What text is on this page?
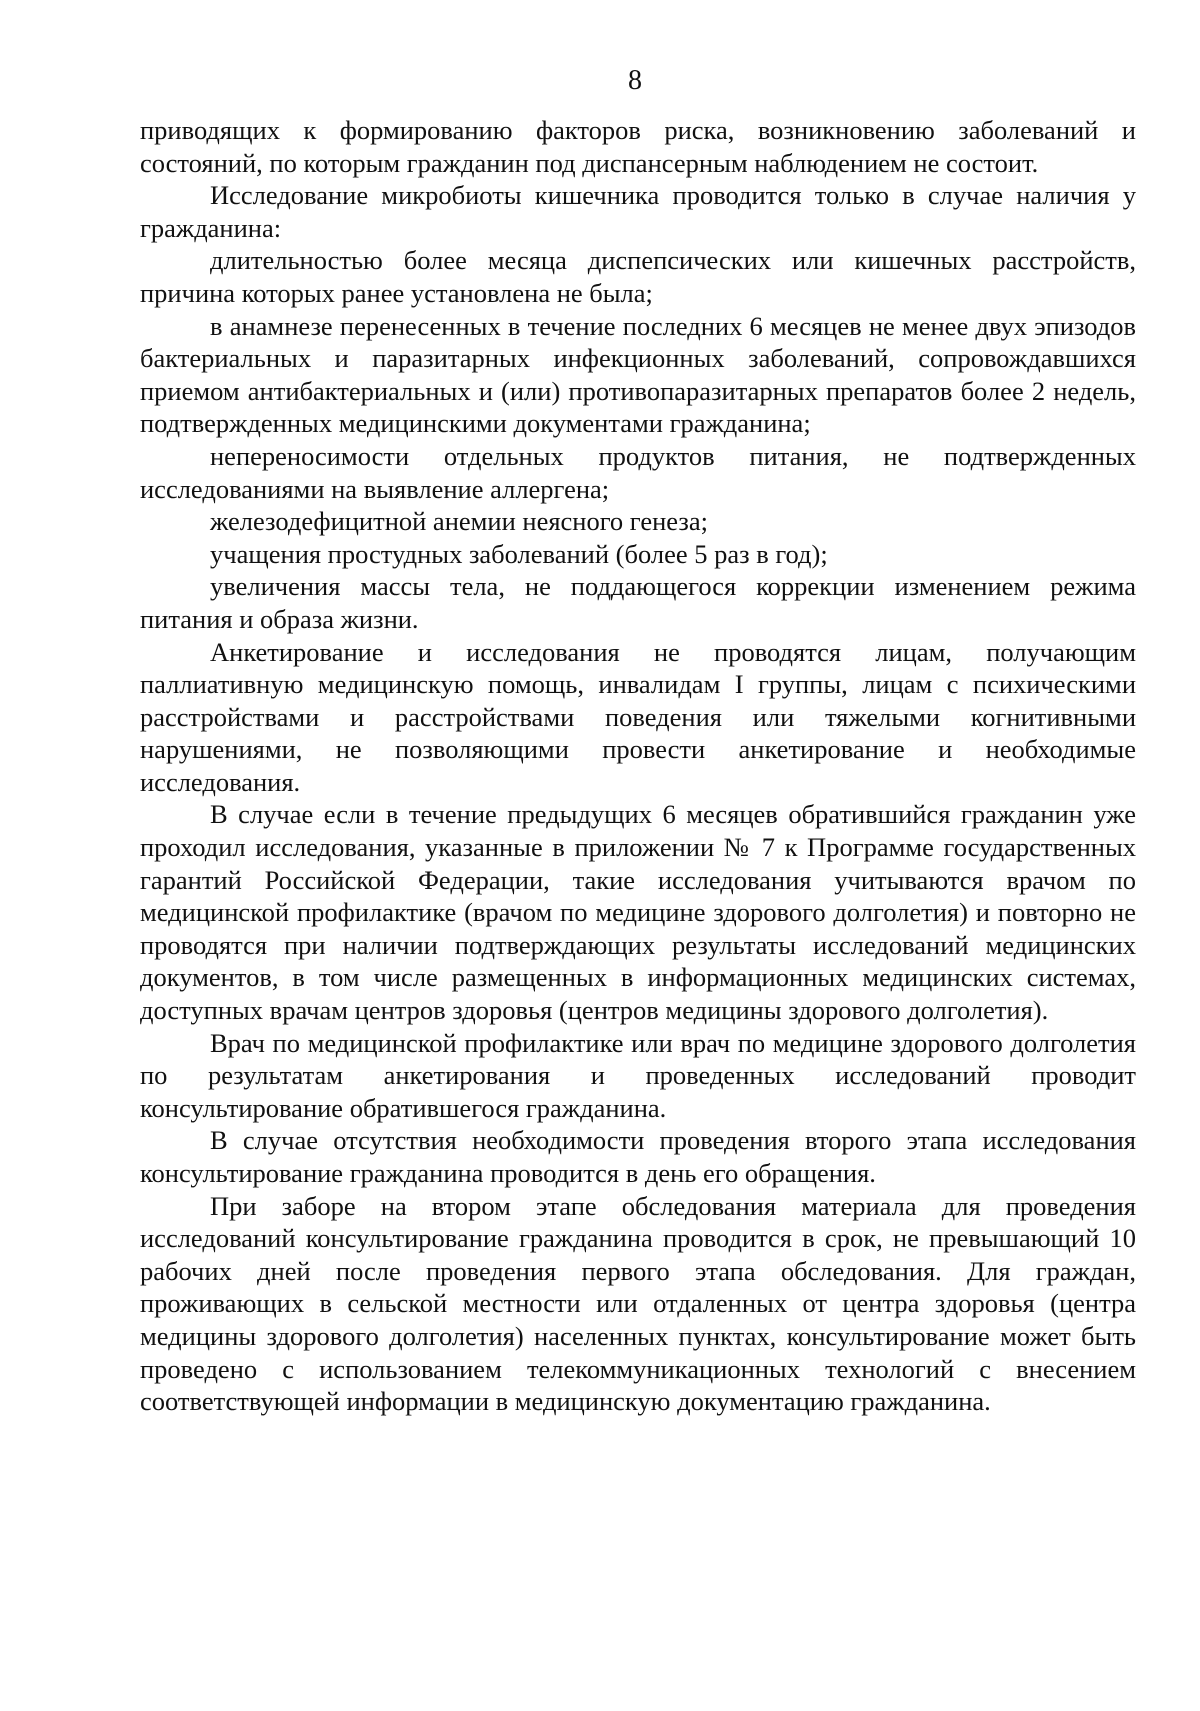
8

приводящих к формированию факторов риска, возникновению заболеваний и состояний, по которым гражданин под диспансерным наблюдением не состоит.

Исследование микробиоты кишечника проводится только в случае наличия у гражданина:

длительностью более месяца диспепсических или кишечных расстройств, причина которых ранее установлена не была;

в анамнезе перенесенных в течение последних 6 месяцев не менее двух эпизодов бактериальных и паразитарных инфекционных заболеваний, сопровождавшихся приемом антибактериальных и (или) противопаразитарных препаратов более 2 недель, подтвержденных медицинскими документами гражданина;

непереносимости отдельных продуктов питания, не подтвержденных исследованиями на выявление аллергена;

железодефицитной анемии неясного генеза;

учащения простудных заболеваний (более 5 раз в год);

увеличения массы тела, не поддающегося коррекции изменением режима питания и образа жизни.

Анкетирование и исследования не проводятся лицам, получающим паллиативную медицинскую помощь, инвалидам I группы, лицам с психическими расстройствами и расстройствами поведения или тяжелыми когнитивными нарушениями, не позволяющими провести анкетирование и необходимые исследования.

В случае если в течение предыдущих 6 месяцев обратившийся гражданин уже проходил исследования, указанные в приложении № 7 к Программе государственных гарантий Российской Федерации, такие исследования учитываются врачом по медицинской профилактике (врачом по медицине здорового долголетия) и повторно не проводятся при наличии подтверждающих результаты исследований медицинских документов, в том числе размещенных в информационных медицинских системах, доступных врачам центров здоровья (центров медицины здорового долголетия).

Врач по медицинской профилактике или врач по медицине здорового долголетия по результатам анкетирования и проведенных исследований проводит консультирование обратившегося гражданина.

В случае отсутствия необходимости проведения второго этапа исследования консультирование гражданина проводится в день его обращения.

При заборе на втором этапе обследования материала для проведения исследований консультирование гражданина проводится в срок, не превышающий 10 рабочих дней после проведения первого этапа обследования. Для граждан, проживающих в сельской местности или отдаленных от центра здоровья (центра медицины здорового долголетия) населенных пунктах, консультирование может быть проведено с использованием телекоммуникационных технологий с внесением соответствующей информации в медицинскую документацию гражданина.
